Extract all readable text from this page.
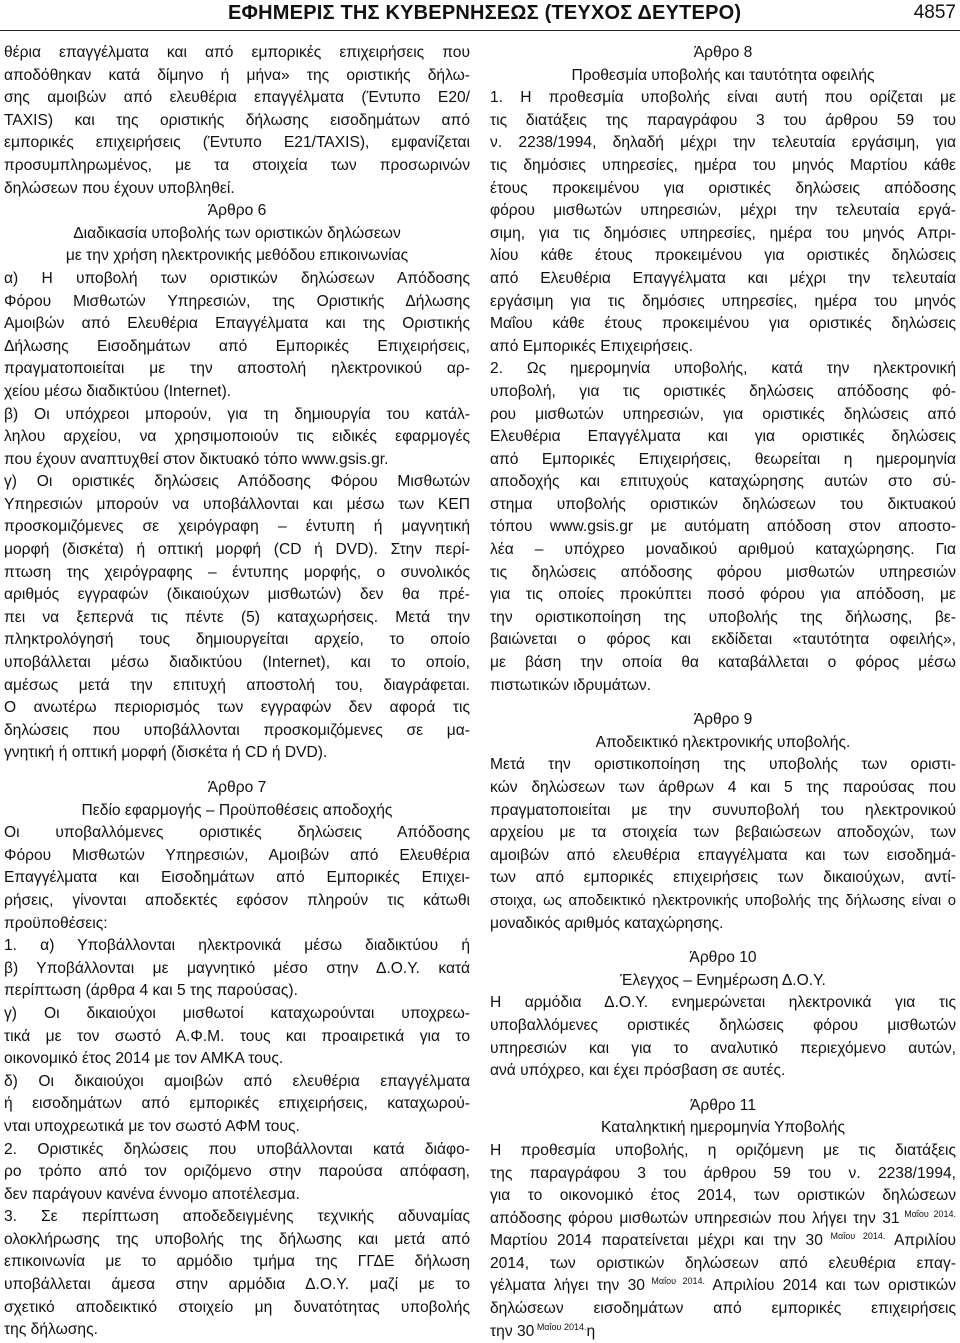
ΕΦΗΜΕΡΙΣ ΤΗΣ ΚΥΒΕΡΝΗΣΕΩΣ (ΤΕΥΧΟΣ ΔΕΥΤΕΡΟ)	4857

θέρια επαγγέλματα και από εμπορικές επιχειρήσεις που

αποδόθηκαν κατά δίμηνο ή μήνα» της οριστικής δήλω-

σης αμοιβών από ελευθέρια επαγγέλματα (Έντυπο Ε20/

TAXIS) και της οριστικής δήλωσης εισοδημάτων από

εμπορικές επιχειρήσεις (Έντυπο Ε21/TAXIS), εμφανίζεται

προσυμπληρωμένος, με τα στοιχεία των προσωρινών

δηλώσεων που έχουν υποβληθεί.

Άρθρο 6

Διαδικασία υποβολής των οριστικών δηλώσεων

με την χρήση ηλεκτρονικής μεθόδου επικοινωνίας

α) Η υποβολή των οριστικών δηλώσεων Απόδοσης

Φόρου Μισθωτών Υπηρεσιών, της Οριστικής Δήλωσης

Αμοιβών από Ελευθέρια Επαγγέλματα και της Οριστικής

Δήλωσης Εισοδημάτων από Εμπορικές Επιχειρήσεις,

πραγματοποιείται με την αποστολή ηλεκτρονικού αρ-

χείου μέσω διαδικτύου (Internet).

β) Οι υπόχρεοι μπορούν, για τη δημιουργία του κατάλ-

ληλου αρχείου, να χρησιμοποιούν τις ειδικές εφαρμογές

που έχουν αναπτυχθεί στον δικτυακό τόπο www.gsis.gr.

γ) Οι οριστικές δηλώσεις Απόδοσης Φόρου Μισθωτών

Υπηρεσιών μπορούν να υποβάλλονται και μέσω των ΚΕΠ

προσκομιζόμενες σε χειρόγραφη – έντυπη ή μαγνητική

μορφή (δισκέτα) ή οπτική μορφή (CD ή DVD). Στην περί-

πτωση της χειρόγραφης – έντυπης μορφής, ο συνολικός

αριθμός εγγραφών (δικαιούχων μισθωτών) δεν θα πρέ-

πει να ξεπερνά τις πέντε (5) καταχωρήσεις. Μετά την

πληκτρολόγησή τους δημιουργείται αρχείο, το οποίο

υποβάλλεται μέσω διαδικτύου (Internet), και το οποίο,

αμέσως μετά την επιτυχή αποστολή του, διαγράφεται.

Ο ανωτέρω περιορισμός των εγγραφών δεν αφορά τις

δηλώσεις που υποβάλλονται προσκομιζόμενες σε μα-

γνητική ή οπτική μορφή (δισκέτα ή CD ή DVD).

Άρθρο 7

Πεδίο εφαρμογής – Προϋποθέσεις αποδοχής

Οι υποβαλλόμενες οριστικές δηλώσεις Απόδοσης

Φόρου Μισθωτών Υπηρεσιών, Αμοιβών από Ελευθέρια

Επαγγέλματα και Εισοδημάτων από Εμπορικές Επιχει-

ρήσεις, γίνονται αποδεκτές εφόσον πληρούν τις κάτωθι

προϋποθέσεις:

1. α) Υποβάλλονται ηλεκτρονικά μέσω διαδικτύου ή

β) Υποβάλλονται με μαγνητικό μέσο στην Δ.Ο.Υ. κατά

περίπτωση (άρθρα 4 και 5 της παρούσας).

γ) Οι δικαιούχοι μισθωτοί καταχωρούνται υποχρεω-

τικά με τον σωστό Α.Φ.Μ. τους και προαιρετικά για το

οικονομικό έτος 2014 με τον ΑΜΚΑ τους.

δ) Οι δικαιούχοι αμοιβών από ελευθέρια επαγγέλματα

ή εισοδημάτων από εμπορικές επιχειρήσεις, καταχωρού-

νται υποχρεωτικά με τον σωστό ΑΦΜ τους.

2. Οριστικές δηλώσεις που υποβάλλονται κατά διάφο-

ρο τρόπο από τον οριζόμενο στην παρούσα απόφαση,

δεν παράγουν κανένα έννομο αποτέλεσμα.

3. Σε περίπτωση αποδεδειγμένης τεχνικής αδυναμίας

ολοκλήρωσης της υποβολής της δήλωσης και μετά από

επικοινωνία με το αρμόδιο τμήμα της ΓΓΔΕ δήλωση

υποβάλλεται άμεσα στην αρμόδια Δ.Ο.Υ. μαζί με το

σχετικό αποδεικτικό στοιχείο μη δυνατότητας υποβολής

της δήλωσης.

Άρθρο 8

Προθεσμία υποβολής και ταυτότητα οφειλής

1. Η προθεσμία υποβολής είναι αυτή που ορίζεται με

τις διατάξεις της παραγράφου 3 του άρθρου 59 του

ν. 2238/1994, δηλαδή μέχρι την τελευταία εργάσιμη, για

τις δημόσιες υπηρεσίες, ημέρα του μηνός Μαρτίου κάθε

έτους προκειμένου για οριστικές δηλώσεις απόδοσης

φόρου μισθωτών υπηρεσιών, μέχρι την τελευταία εργά-

σιμη, για τις δημόσιες υπηρεσίες, ημέρα του μηνός Απρι-

λίου κάθε έτους προκειμένου για οριστικές δηλώσεις

από Ελευθέρια Επαγγέλματα και μέχρι την τελευταία

εργάσιμη για τις δημόσιες υπηρεσίες, ημέρα του μηνός

Μαΐου κάθε έτους προκειμένου για οριστικές δηλώσεις

από Εμπορικές Επιχειρήσεις.

2. Ως ημερομηνία υποβολής, κατά την ηλεκτρονική

υποβολή, για τις οριστικές δηλώσεις απόδοσης φό-

ρου μισθωτών υπηρεσιών, για οριστικές δηλώσεις από

Ελευθέρια Επαγγέλματα και για οριστικές δηλώσεις

από Εμπορικές Επιχειρήσεις, θεωρείται η ημερομηνία

αποδοχής και επιτυχούς καταχώρησης αυτών στο σύ-

στημα υποβολής οριστικών δηλώσεων του δικτυακού

τόπου www.gsis.gr με αυτόματη απόδοση στον αποστο-

λέα – υπόχρεο μοναδικού αριθμού καταχώρησης. Για

τις δηλώσεις απόδοσης φόρου μισθωτών υπηρεσιών

για τις οποίες προκύπτει ποσό φόρου για απόδοση, με

την οριστικοποίηση της υποβολής της δήλωσης, βε-

βαιώνεται ο φόρος και εκδίδεται «ταυτότητα οφειλής»,

με βάση την οποία θα καταβάλλεται ο φόρος μέσω

πιστωτικών ιδρυμάτων.

Άρθρο 9

Αποδεικτικό ηλεκτρονικής υποβολής.

Μετά την οριστικοποίηση της υποβολής των οριστι-

κών δηλώσεων των άρθρων 4 και 5 της παρούσας που

πραγματοποιείται με την συνυποβολή του ηλεκτρονικού

αρχείου με τα στοιχεία των βεβαιώσεων αποδοχών, των

αμοιβών από ελευθέρια επαγγέλματα και των εισοδημά-

των από εμπορικές επιχειρήσεις των δικαιούχων, αντί-

στοιχα, ως αποδεικτικό ηλεκτρονικής υποβολής της δήλωσης είναι ο

μοναδικός αριθμός καταχώρησης.

Άρθρο 10

Έλεγχος – Ενημέρωση Δ.Ο.Υ.

Η αρμόδια Δ.Ο.Υ. ενημερώνεται ηλεκτρονικά για τις

υποβαλλόμενες οριστικές δηλώσεις φόρου μισθωτών

υπηρεσιών και για το αναλυτικό περιεχόμενο αυτών,

ανά υπόχρεο, και έχει πρόσβαση σε αυτές.

Άρθρο 11

Καταληκτική ημερομηνία Υποβολής

Η προθεσμία υποβολής, η οριζόμενη με τις διατάξεις

της παραγράφου 3 του άρθρου 59 του ν. 2238/1994,

για το οικονομικό έτος 2014, των οριστικών δηλώσεων

απόδοσης φόρου μισθωτών υπηρεσιών που λήγει την 31 $^{M\alpha ΐo\upsilon 2014.}$

Μαρτίου 2014 παρατείνεται μέχρι και την 30 $^{M\alpha ΐo\upsilon 2014.}$ Απριλίου

2014, των οριστικών δηλώσεων από ελευθέρια επαγ-

γέλματα λήγει την 30 $^{M\alpha ΐo\upsilon 2014.}$ Απριλίου 2014 και των οριστικών

δηλώσεων εισοδημάτων από εμπορικές επιχειρήσεις

την 30 $^{M\alpha ΐo\upsilon 2014.}$η
